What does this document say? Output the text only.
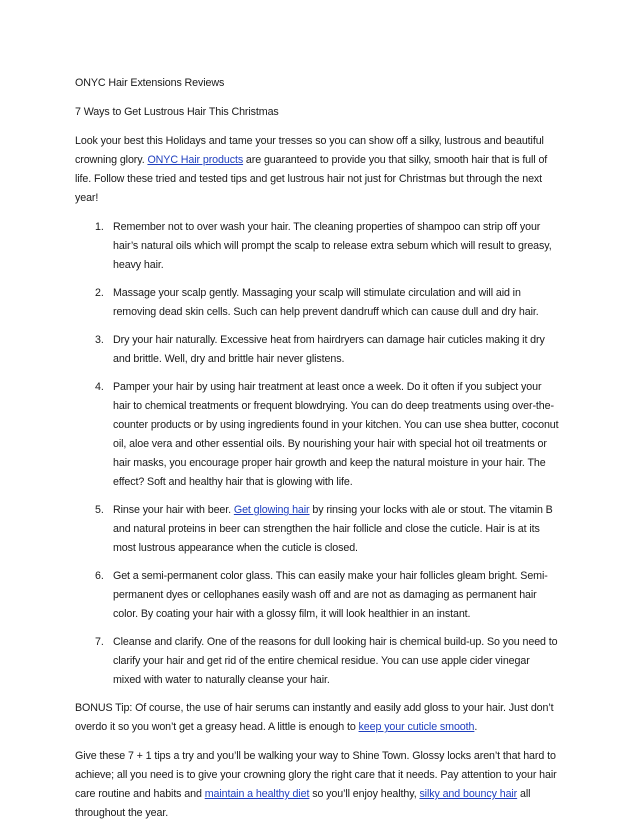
ONYC Hair Extensions Reviews

7 Ways to Get Lustrous Hair This Christmas

Look your best this Holidays and tame your tresses so you can show off a silky, lustrous and beautiful crowning glory. ONYC Hair products are guaranteed to provide you that silky, smooth hair that is full of life. Follow these tried and tested tips and get lustrous hair not just for Christmas but through the next year!

1. Remember not to over wash your hair. The cleaning properties of shampoo can strip off your hair’s natural oils which will prompt the scalp to release extra sebum which will result to greasy, heavy hair.
2. Massage your scalp gently. Massaging your scalp will stimulate circulation and will aid in removing dead skin cells. Such can help prevent dandruff which can cause dull and dry hair.
3. Dry your hair naturally. Excessive heat from hairdryers can damage hair cuticles making it dry and brittle. Well, dry and brittle hair never glistens.
4. Pamper your hair by using hair treatment at least once a week. Do it often if you subject your hair to chemical treatments or frequent blowdrying. You can do deep treatments using over-the-counter products or by using ingredients found in your kitchen. You can use shea butter, coconut oil, aloe vera and other essential oils. By nourishing your hair with special hot oil treatments or hair masks, you encourage proper hair growth and keep the natural moisture in your hair. The effect? Soft and healthy hair that is glowing with life.
5. Rinse your hair with beer. Get glowing hair by rinsing your locks with ale or stout. The vitamin B and natural proteins in beer can strengthen the hair follicle and close the cuticle. Hair is at its most lustrous appearance when the cuticle is closed.
6. Get a semi-permanent color glass. This can easily make your hair follicles gleam bright. Semi-permanent dyes or cellophanes easily wash off and are not as damaging as permanent hair color. By coating your hair with a glossy film, it will look healthier in an instant.
7. Cleanse and clarify. One of the reasons for dull looking hair is chemical build-up. So you need to clarify your hair and get rid of the entire chemical residue. You can use apple cider vinegar mixed with water to naturally cleanse your hair.

BONUS Tip: Of course, the use of hair serums can instantly and easily add gloss to your hair. Just don’t overdo it so you won’t get a greasy head. A little is enough to keep your cuticle smooth.

Give these 7 + 1 tips a try and you’ll be walking your way to Shine Town. Glossy locks aren’t that hard to achieve; all you need is to give your crowning glory the right care that it needs. Pay attention to your hair care routine and habits and maintain a healthy diet so you’ll enjoy healthy, silky and bouncy hair all throughout the year.
